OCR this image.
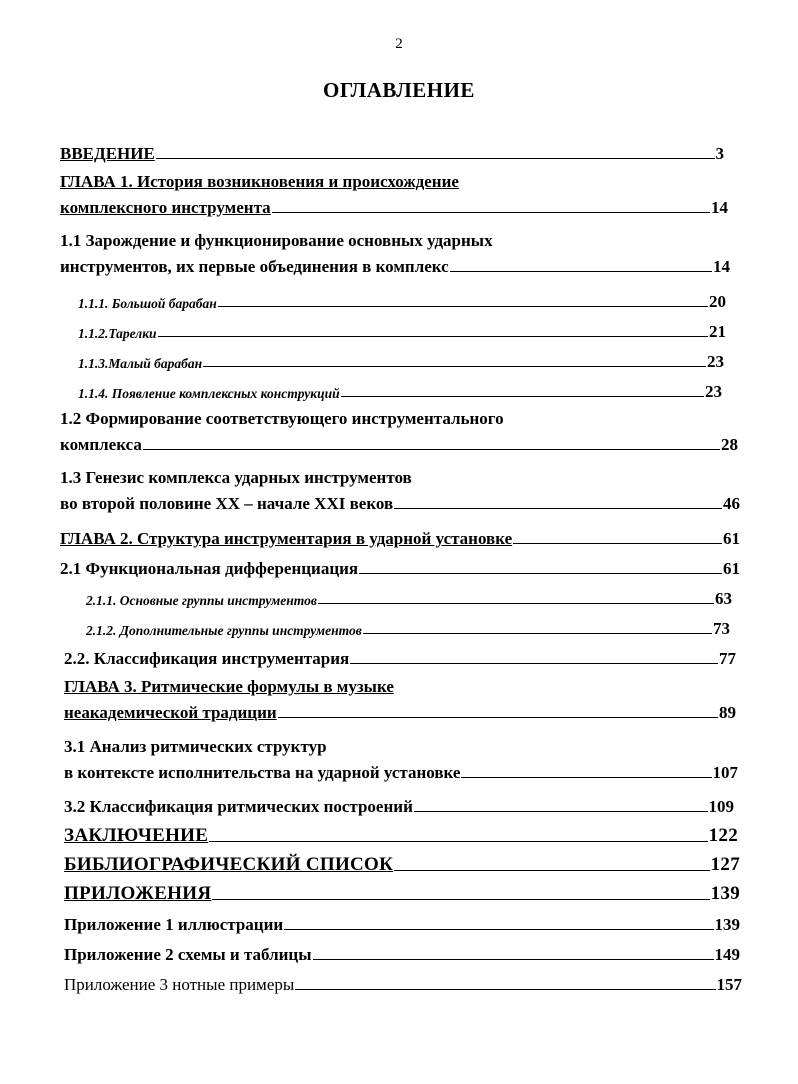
2
ОГЛАВЛЕНИЕ
ВВЕДЕНИЕ	3
ГЛАВА 1. История возникновения и происхождение
комплексного инструмента	14
1.1 Зарождение и функционирование основных ударных
инструментов, их первые объединения в комплекс	14
1.1.1. Большой барабан	20
1.1.2.Тарелки	21
1.1.3.Малый барабан	23
1.1.4. Появление комплексных конструкций	23
1.2 Формирование соответствующего инструментального
комплекса	28
1.3 Генезис комплекса ударных инструментов
во второй половине XX – начале XXI веков	46
ГЛАВА 2. Структура инструментария в ударной установке	61
2.1 Функциональная дифференциация	61
2.1.1. Основные группы инструментов	63
2.1.2. Дополнительные группы инструментов	73
2.2. Классификация инструментария	77
ГЛАВА 3. Ритмические формулы в музыке
неакадемической традиции	89
3.1 Анализ ритмических структур
в контексте исполнительства на ударной установке	107
3.2 Классификация ритмических построений	109
ЗАКЛЮЧЕНИЕ	122
БИБЛИОГРАФИЧЕСКИЙ СПИСОК	127
ПРИЛОЖЕНИЯ	139
Приложение 1 иллюстрации	139
Приложение 2 схемы и таблицы	149
Приложение 3 нотные примеры	157
